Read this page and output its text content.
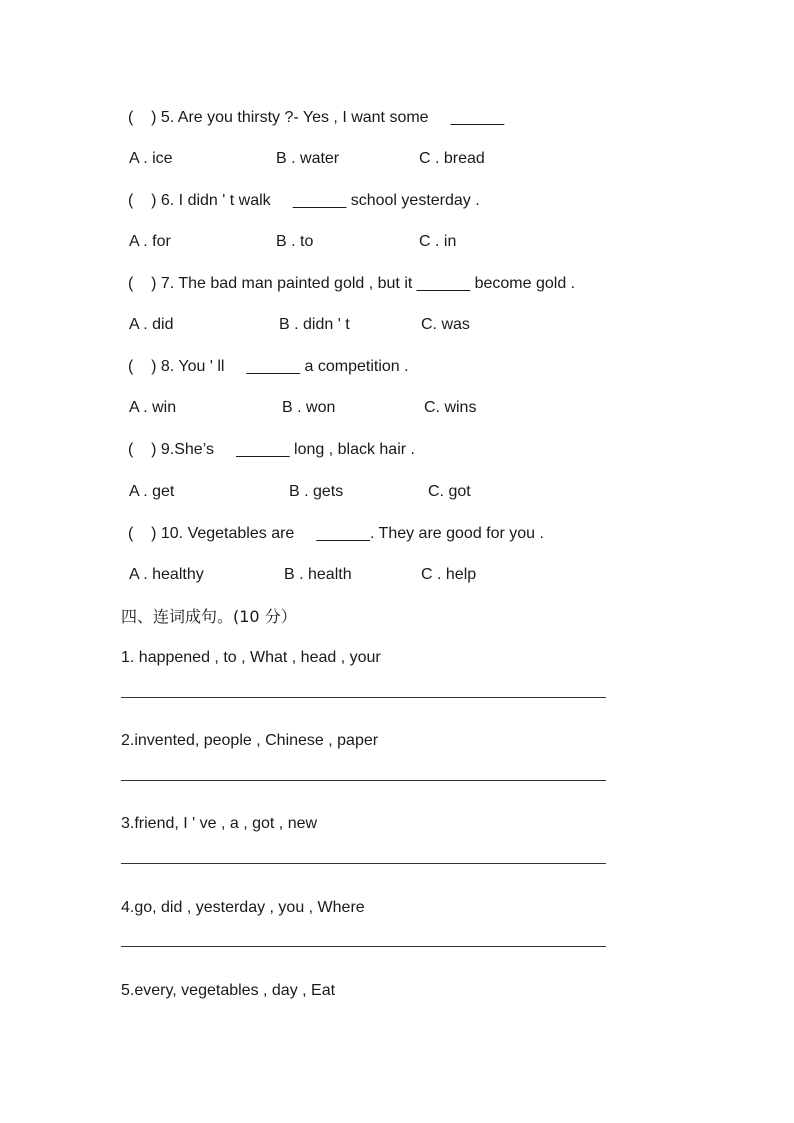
(    ) 5. Are you thirsty ?- Yes , I want some     ______
A . ice	B . water	C . bread
(    ) 6. I didn ' t walk     ______ school yesterday .
A . for	B . to	C . in
(    ) 7. The bad man painted gold , but it ______ become gold .
A . did	B . didn ' t	C. was
(    ) 8. You ' ll     ______ a competition .
A . win	B . won	C. wins
(    ) 9.She’s     ______ long , black hair .
A . get	B . gets	C. got
(    ) 10. Vegetables are     ______. They are good for you .
A . healthy	B . health	C . help
四、连词成句。(10 分）
1. happened , to , What , head , your
2.invented, people , Chinese , paper
3.friend, I ' ve , a , got , new
4.go, did , yesterday , you , Where
5.every, vegetables , day , Eat
